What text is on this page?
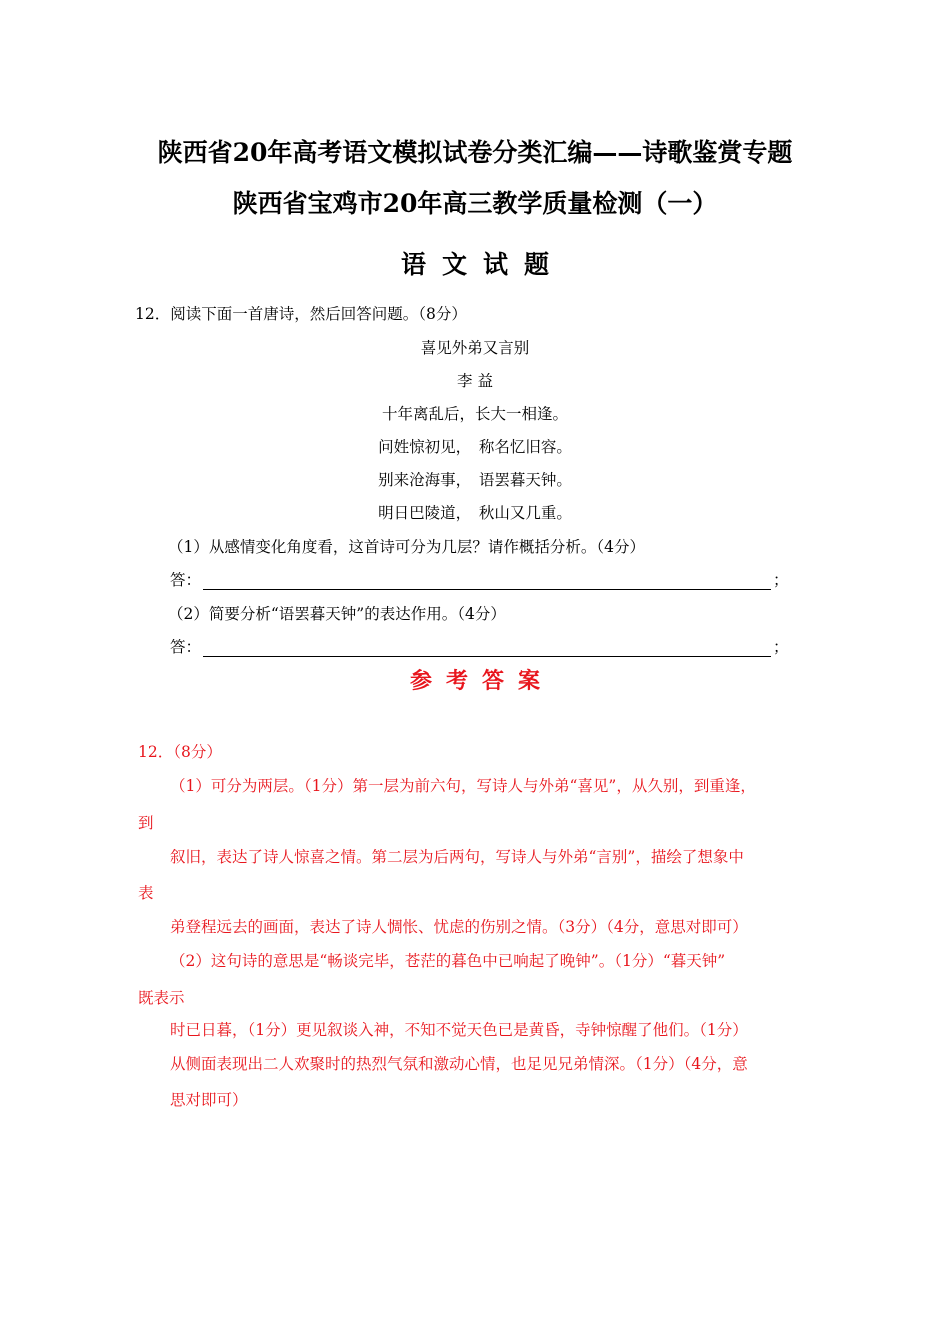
陕西省20年高考语文模拟试卷分类汇编——诗歌鉴赏专题
陕西省宝鸡市20年高三教学质量检测（一）
语文试题
12．阅读下面一首唐诗，然后回答问题。（8分）
喜见外弟又言别
李 益
十年离乱后，长大一相逢。
问姓惊初见，　称名忆旧容。
别来沧海事，　语罢暮天钟。
明日巴陵道，　秋山又几重。
（1）从感情变化角度看，这首诗可分为几层？请作概括分析。（4分）
答：	；
（2）简要分析“语罢暮天钟”的表达作用。（4分）
答：	；
参考答案
12．（8分）
（1）可分为两层。（1分）第一层为前六句，写诗人与外弟“喜见”，从久别，到重逢，
到
叙旧，表达了诗人惊喜之情。第二层为后两句，写诗人与外弟“言别”，描绘了想象中
表
弟登程远去的画面，表达了诗人惆怅、忧虑的伤别之情。（3分）（4分，意思对即可）
（2）这句诗的意思是“畅谈完毕，苍茫的暮色中已响起了晚钟”。（1分）“暮天钟”
既表示
时已日暮，（1分）更见叙谈入神，不知不觉天色已是黄昏，寺钟惊醒了他们。（1分）
从侧面表现出二人欢聚时的热烈气氛和激动心情，也足见兄弟情深。（1分）（4分，意
思对即可）
